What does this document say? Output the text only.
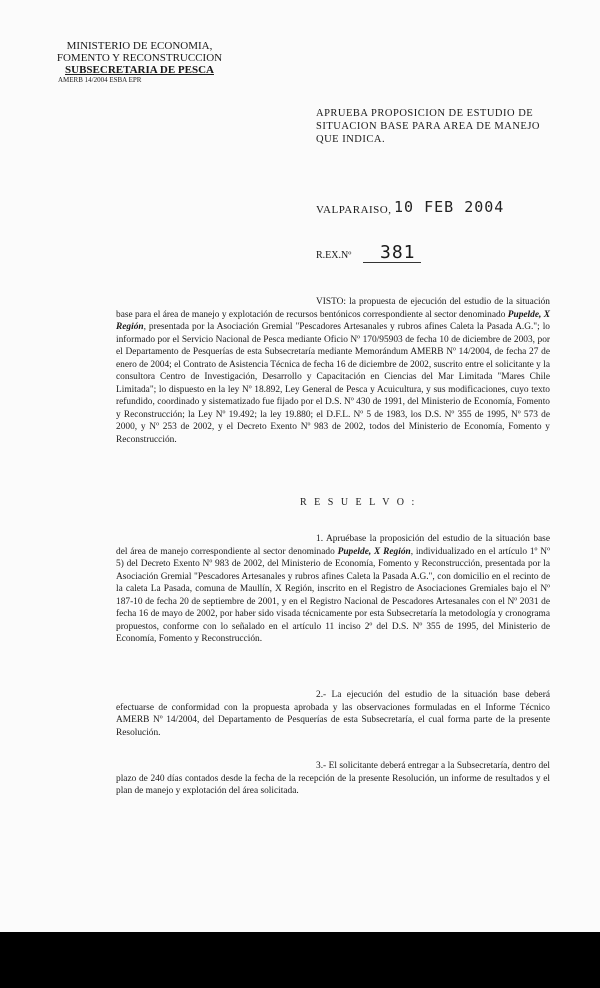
MINISTERIO DE ECONOMIA,
FOMENTO Y RECONSTRUCCION
SUBSECRETARIA DE PESCA
AMERB 14/2004 ESBA EPR
APRUEBA PROPOSICION DE ESTUDIO DE SITUACION BASE PARA AREA DE MANEJO QUE INDICA.
VALPARAISO, 10 FEB 2004
R.EX.Nº 381

VISTO: la propuesta de ejecución del estudio de la situación base para el área de manejo y explotación de recursos bentónicos correspondiente al sector denominado Pupelde, X Región, presentada por la Asociación Gremial "Pescadores Artesanales y rubros afines Caleta la Pasada A.G."; lo informado por el Servicio Nacional de Pesca mediante Oficio Nº 170/95903 de fecha 10 de diciembre de 2003, por el Departamento de Pesquerías de esta Subsecretaría mediante Memorándum AMERB Nº 14/2004, de fecha 27 de enero de 2004; el Contrato de Asistencia Técnica de fecha 16 de diciembre de 2002, suscrito entre el solicitante y la consultora Centro de Investigación, Desarrollo y Capacitación en Ciencias del Mar Limitada "Mares Chile Limitada"; lo dispuesto en la ley Nº 18.892, Ley General de Pesca y Acuicultura, y sus modificaciones, cuyo texto refundido, coordinado y sistematizado fue fijado por el D.S. Nº 430 de 1991, del Ministerio de Economía, Fomento y Reconstrucción; la Ley Nº 19.492; la ley 19.880; el D.F.L. Nº 5 de 1983, los D.S. Nº 355 de 1995, Nº 573 de 2000, y Nº 253 de 2002, y el Decreto Exento Nº 983 de 2002, todos del Ministerio de Economía, Fomento y Reconstrucción.

R E S U E L V O :

1. Apruébase la proposición del estudio de la situación base del área de manejo correspondiente al sector denominado Pupelde, X Región, individualizado en el artículo 1º Nº 5) del Decreto Exento Nº 983 de 2002, del Ministerio de Economía, Fomento y Reconstrucción, presentada por la Asociación Gremial "Pescadores Artesanales y rubros afines Caleta la Pasada A.G.", con domicilio en el recinto de la caleta La Pasada, comuna de Maullín, X Región, inscrito en el Registro de Asociaciones Gremiales bajo el Nº 187-10 de fecha 20 de septiembre de 2001, y en el Registro Nacional de Pescadores Artesanales con el Nº 2031 de fecha 16 de mayo de 2002, por haber sido visada técnicamente por esta Subsecretaría la metodología y cronograma propuestos, conforme con lo señalado en el artículo 11 inciso 2º del D.S. Nº 355 de 1995, del Ministerio de Economía, Fomento y Reconstrucción.

2.- La ejecución del estudio de la situación base deberá efectuarse de conformidad con la propuesta aprobada y las observaciones formuladas en el Informe Técnico AMERB Nº 14/2004, del Departamento de Pesquerías de esta Subsecretaría, el cual forma parte de la presente Resolución.

3.- El solicitante deberá entregar a la Subsecretaría, dentro del plazo de 240 días contados desde la fecha de la recepción de la presente Resolución, un informe de resultados y el plan de manejo y explotación del área solicitada.
